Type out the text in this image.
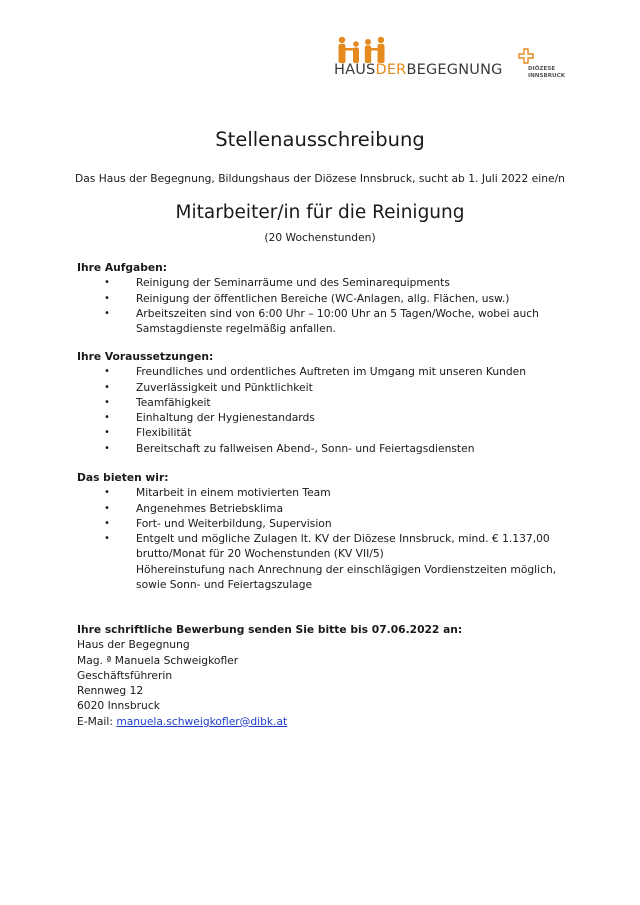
HAUSDERBEGEGNUNG	DIÖZESE
INNSBRUCK
Stellenausschreibung
Das Haus der Begegnung, Bildungshaus der Diözese Innsbruck, sucht ab 1. Juli 2022 eine/n
Mitarbeiter/in für die Reinigung
(20 Wochenstunden)
Ihre Aufgaben:
• Reinigung der Seminarräume und des Seminarequipments
• Reinigung der öffentlichen Bereiche (WC-Anlagen, allg. Flächen, usw.)
• Arbeitszeiten sind von 6:00 Uhr – 10:00 Uhr an 5 Tagen/Woche, wobei auch Samstagdienste regelmäßig anfallen.
Ihre Voraussetzungen:
• Freundliches und ordentliches Auftreten im Umgang mit unseren Kunden
• Zuverlässigkeit und Pünktlichkeit
• Teamfähigkeit
• Einhaltung der Hygienestandards
• Flexibilität
• Bereitschaft zu fallweisen Abend-, Sonn- und Feiertagsdiensten
Das bieten wir:
• Mitarbeit in einem motivierten Team
• Angenehmes Betriebsklima
• Fort- und Weiterbildung, Supervision
• Entgelt und mögliche Zulagen lt. KV der Diözese Innsbruck, mind. € 1.137,00
brutto/Monat für 20 Wochenstunden (KV VII/5)
Höhereinstufung nach Anrechnung der einschlägigen Vordienstzeiten möglich,
sowie Sonn- und Feiertagszulage
Ihre schriftliche Bewerbung senden Sie bitte bis 07.06.2022 an:
Haus der Begegnung
Mag. ª Manuela Schweigkofler
Geschäftsführerin
Rennweg 12
6020 Innsbruck
E-Mail: manuela.schweigkofler@dibk.at
